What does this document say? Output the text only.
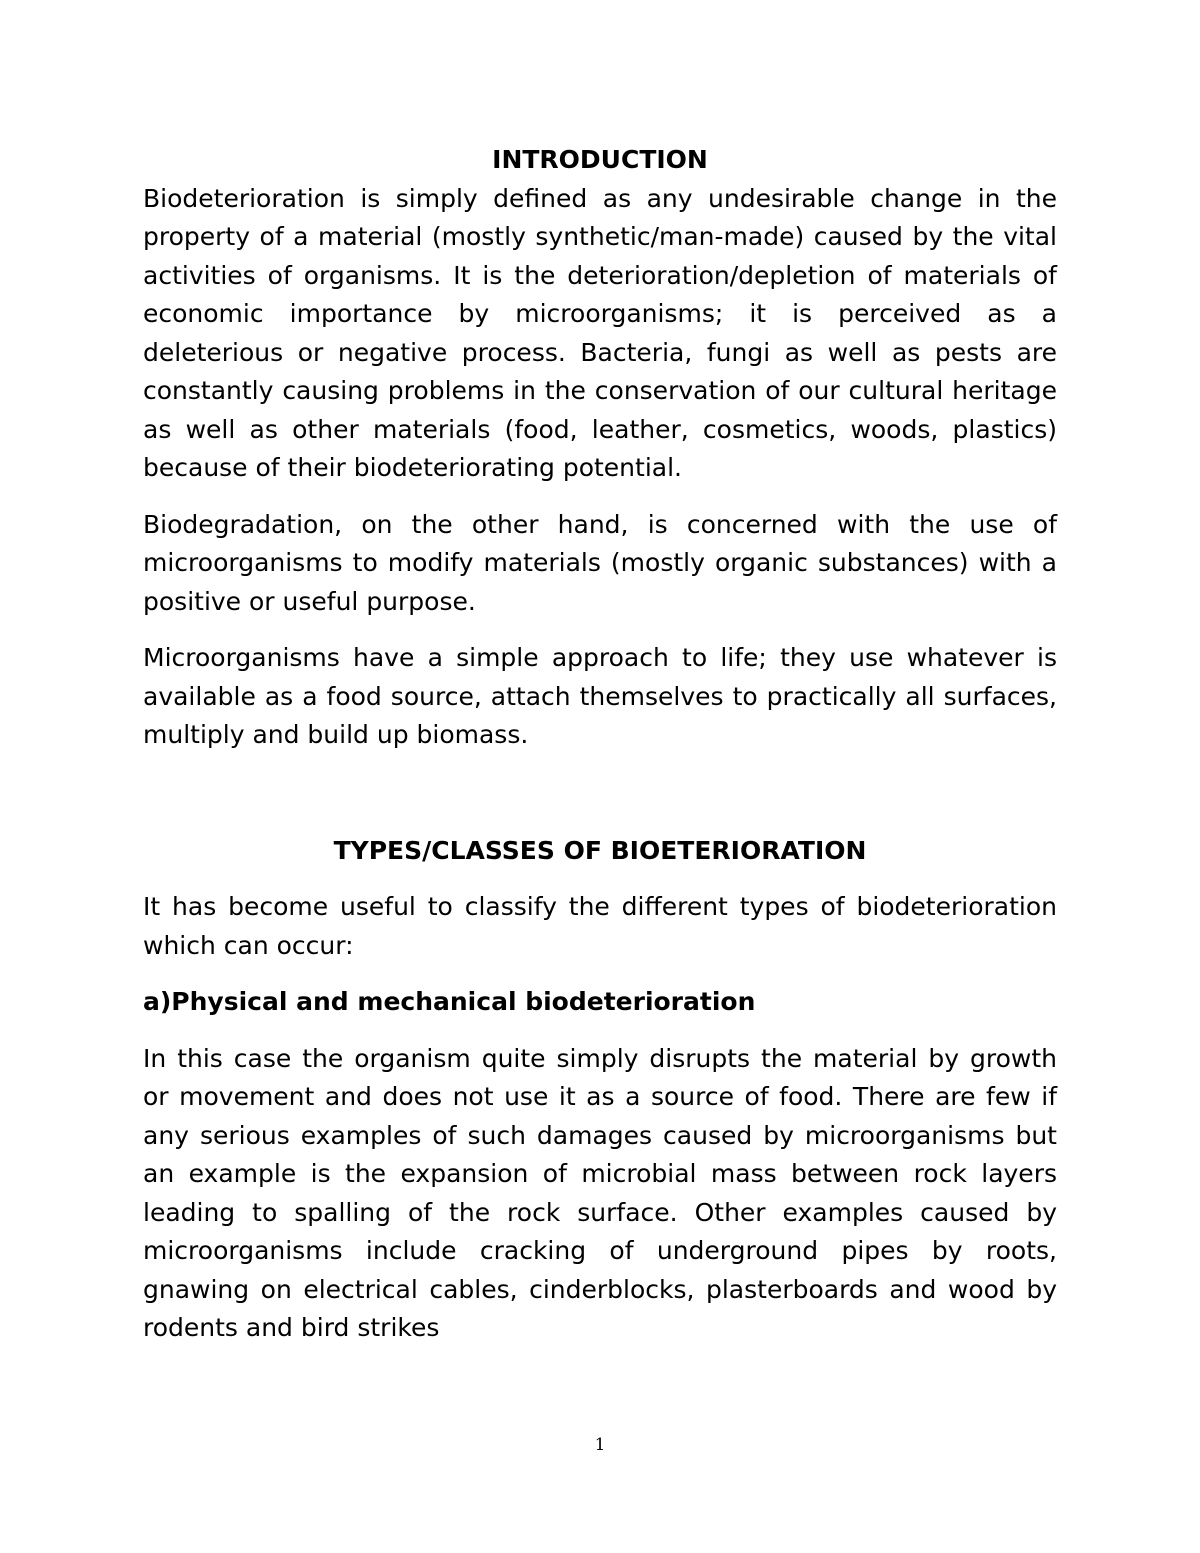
INTRODUCTION

Biodeterioration is simply defined as any undesirable change in the property of a material (mostly synthetic/man-made) caused by the vital activities of organisms. It is the deterioration/depletion of materials of economic importance by microorganisms; it is perceived as a deleterious or negative process. Bacteria, fungi as well as pests are constantly causing problems in the conservation of our cultural heritage as well as other materials (food, leather, cosmetics, woods, plastics) because of their biodeteriorating potential.

Biodegradation, on the other hand, is concerned with the use of microorganisms to modify materials (mostly organic substances) with a positive or useful purpose.

Microorganisms have a simple approach to life; they use whatever is available as a food source, attach themselves to practically all surfaces, multiply and build up biomass.

TYPES/CLASSES OF BIOETERIORATION

It has become useful to classify the different types of biodeterioration which can occur:

a)Physical and mechanical biodeterioration

In this case the organism quite simply disrupts the material by growth or movement and does not use it as a source of food. There are few if any serious examples of such damages caused by microorganisms but an example is the expansion of microbial mass between rock layers leading to spalling of the rock surface. Other examples caused by microorganisms include cracking of underground pipes by roots, gnawing on electrical cables, cinderblocks, plasterboards and wood by rodents and bird strikes

1
